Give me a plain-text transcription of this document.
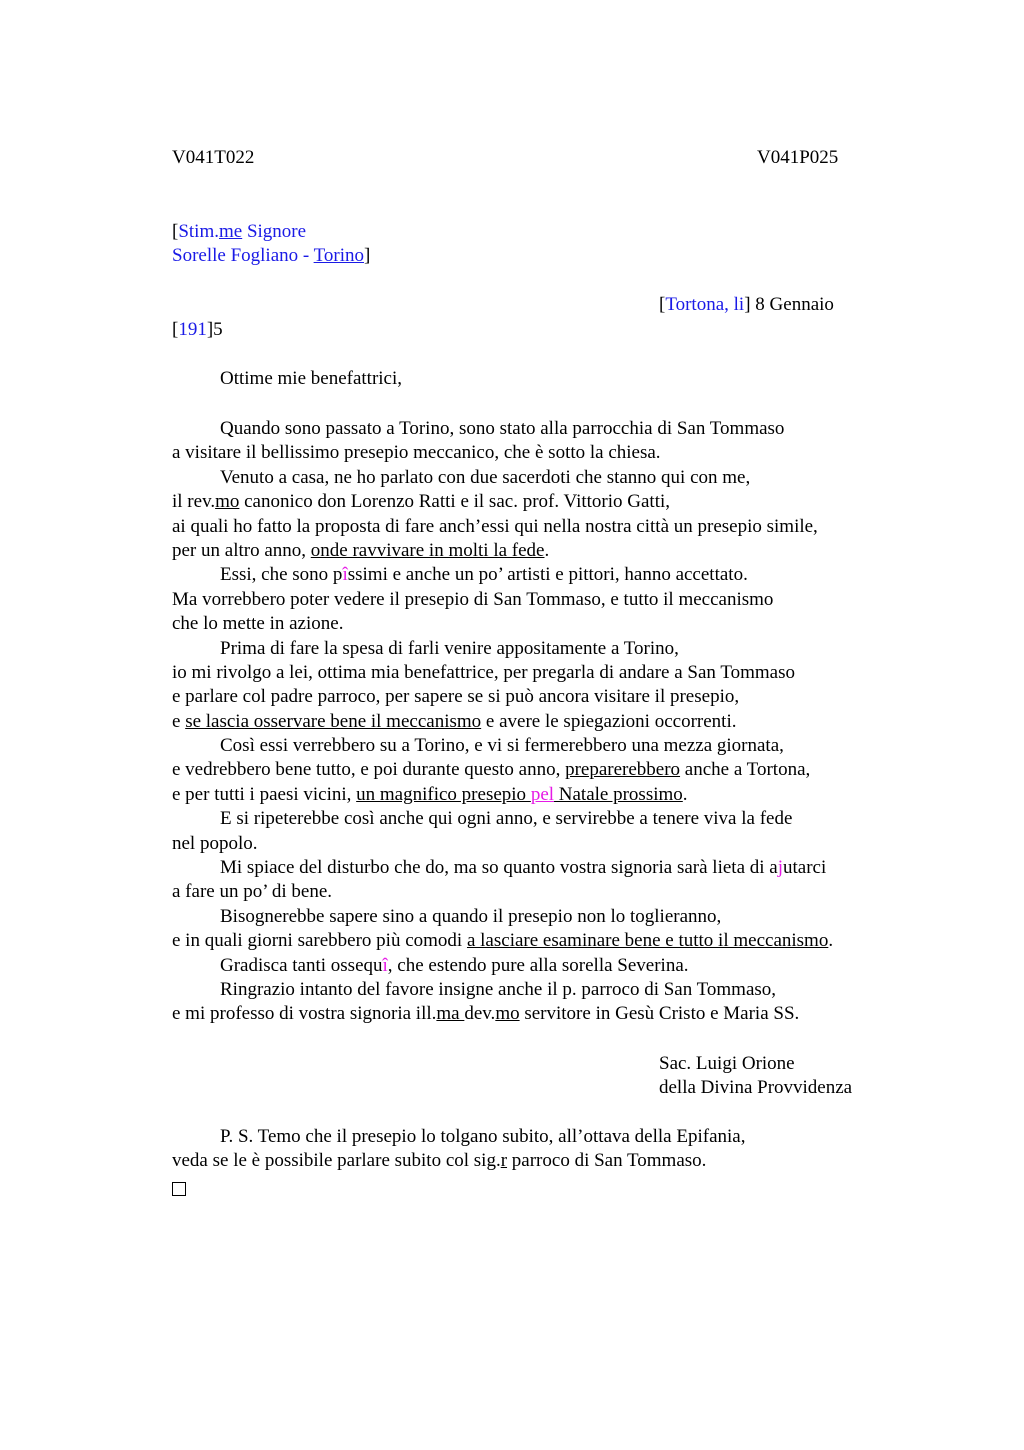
V041T022	V041P025
[Stim.me Signore
Sorelle Fogliano - Torino]
[Tortona, li] 8 Gennaio
[191]5
Ottime mie benefattrici,
Quando sono passato a Torino, sono stato alla parrocchia di San Tommaso
a visitare il bellissimo presepio meccanico, che è sotto la chiesa.
Venuto a casa, ne ho parlato con due sacerdoti che stanno qui con me,
il rev.mo canonico don Lorenzo Ratti e il sac. prof. Vittorio Gatti,
ai quali ho fatto la proposta di fare anch’essi qui nella nostra città un presepio simile,
per un altro anno, onde ravvivare in molti la fede.
Essi, che sono pîssimi e anche un po’ artisti e pittori, hanno accettato.
Ma vorrebbero poter vedere il presepio di San Tommaso, e tutto il meccanismo
che lo mette in azione.
Prima di fare la spesa di farli venire appositamente a Torino,
io mi rivolgo a lei, ottima mia benefattrice, per pregarla di andare a San Tommaso
e parlare col padre parroco, per sapere se si può ancora visitare il presepio,
e se lascia osservare bene il meccanismo e avere le spiegazioni occorrenti.
Così essi verrebbero su a Torino, e vi si fermerebbero una mezza giornata,
e vedrebbero bene tutto, e poi durante questo anno, preparerebbero anche a Tortona,
e per tutti i paesi vicini, un magnifico presepio pel Natale prossimo.
E si ripeterebbe così anche qui ogni anno, e servirebbe a tenere viva la fede
nel popolo.
Mi spiace del disturbo che do, ma so quanto vostra signoria sarà lieta di ajutarci
a fare un po’ di bene.
Bisognerebbe sapere sino a quando il presepio non lo toglieranno,
e in quali giorni sarebbero più comodi a lasciare esaminare bene e tutto il meccanismo.
Gradisca tanti ossequî, che estendo pure alla sorella Severina.
Ringrazio intanto del favore insigne anche il p. parroco di San Tommaso,
e mi professo di vostra signoria ill.ma dev.mo servitore in Gesù Cristo e Maria SS.
Sac. Luigi Orione
della Divina Provvidenza
P. S. Temo che il presepio lo tolgano subito, all’ottava della Epifania,
veda se le è possibile parlare subito col sig.r parroco di San Tommaso.
